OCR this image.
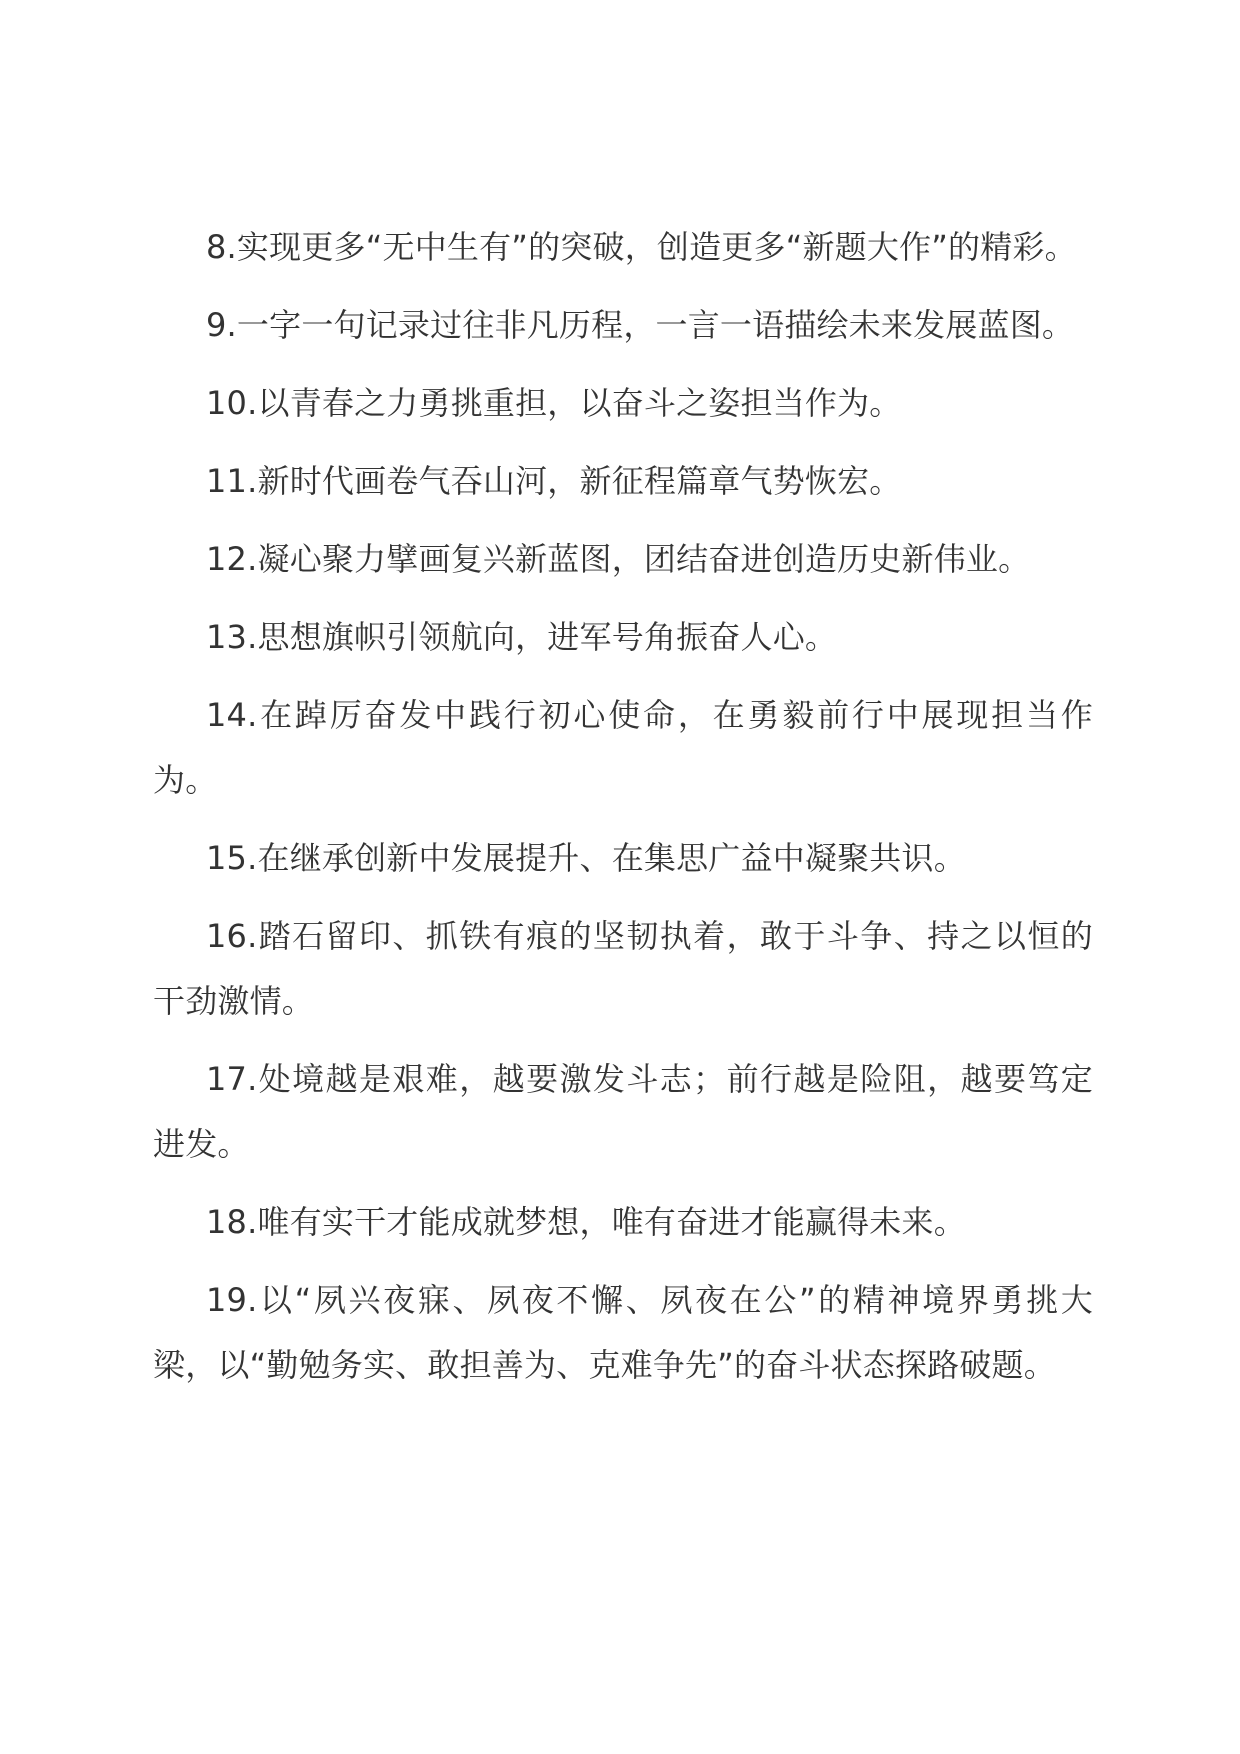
8.实现更多“无中生有”的突破，创造更多“新题大作”的精彩。

9.一字一句记录过往非凡历程，一言一语描绘未来发展蓝图。

10.以青春之力勇挑重担，以奋斗之姿担当作为。

11.新时代画卷气吞山河，新征程篇章气势恢宏。

12.凝心聚力擘画复兴新蓝图，团结奋进创造历史新伟业。

13.思想旗帜引领航向，进军号角振奋人心。

14.在踔厉奋发中践行初心使命，在勇毅前行中展现担当作为。

15.在继承创新中发展提升、在集思广益中凝聚共识。

16.踏石留印、抓铁有痕的坚韧执着，敢于斗争、持之以恒的干劲激情。

17.处境越是艰难，越要激发斗志；前行越是险阻，越要笃定进发。

18.唯有实干才能成就梦想，唯有奋进才能赢得未来。

19.以“夙兴夜寐、夙夜不懈、夙夜在公”的精神境界勇挑大梁，以“勤勉务实、敢担善为、克难争先”的奋斗状态探路破题。
